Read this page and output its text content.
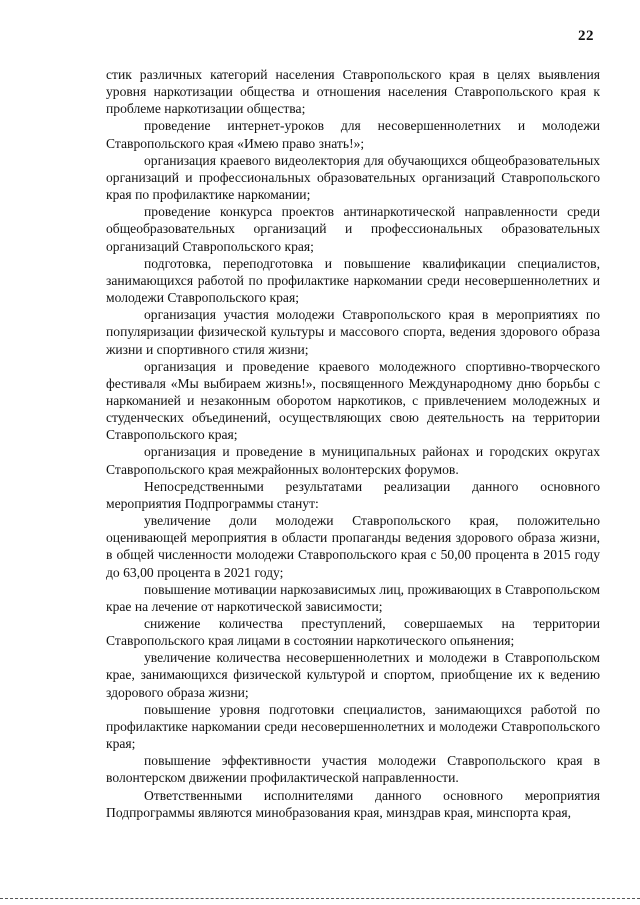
22

стик различных категорий населения Ставропольского края в целях выявления уровня наркотизации общества и отношения населения Ставропольского края к проблеме наркотизации общества;

проведение интернет-уроков для несовершеннолетних и молодежи Ставропольского края «Имею право знать!»;

организация краевого видеолектория для обучающихся общеобразовательных организаций и профессиональных образовательных организаций Ставропольского края по профилактике наркомании;

проведение конкурса проектов антинаркотической направленности среди общеобразовательных организаций и профессиональных образовательных организаций Ставропольского края;

подготовка, переподготовка и повышение квалификации специалистов, занимающихся работой по профилактике наркомании среди несовершеннолетних и молодежи Ставропольского края;

организация участия молодежи Ставропольского края в мероприятиях по популяризации физической культуры и массового спорта, ведения здорового образа жизни и спортивного стиля жизни;

организация и проведение краевого молодежного спортивно-творческого фестиваля «Мы выбираем жизнь!», посвященного Международному дню борьбы с наркоманией и незаконным оборотом наркотиков, с привлечением молодежных и студенческих объединений, осуществляющих свою деятельность на территории Ставропольского края;

организация и проведение в муниципальных районах и городских округах Ставропольского края межрайонных волонтерских форумов.

Непосредственными результатами реализации данного основного мероприятия Подпрограммы станут:

увеличение доли молодежи Ставропольского края, положительно оценивающей мероприятия в области пропаганды ведения здорового образа жизни, в общей численности молодежи Ставропольского края с 50,00 процента в 2015 году до 63,00 процента в 2021 году;

повышение мотивации наркозависимых лиц, проживающих в Ставропольском крае на лечение от наркотической зависимости;

снижение количества преступлений, совершаемых на территории Ставропольского края лицами в состоянии наркотического опьянения;

увеличение количества несовершеннолетних и молодежи в Ставропольском крае, занимающихся физической культурой и спортом, приобщение их к ведению здорового образа жизни;

повышение уровня подготовки специалистов, занимающихся работой по профилактике наркомании среди несовершеннолетних и молодежи Ставропольского края;

повышение эффективности участия молодежи Ставропольского края в волонтерском движении профилактической направленности.

Ответственными исполнителями данного основного мероприятия Подпрограммы являются минобразования края, минздрав края, минспорта края,
